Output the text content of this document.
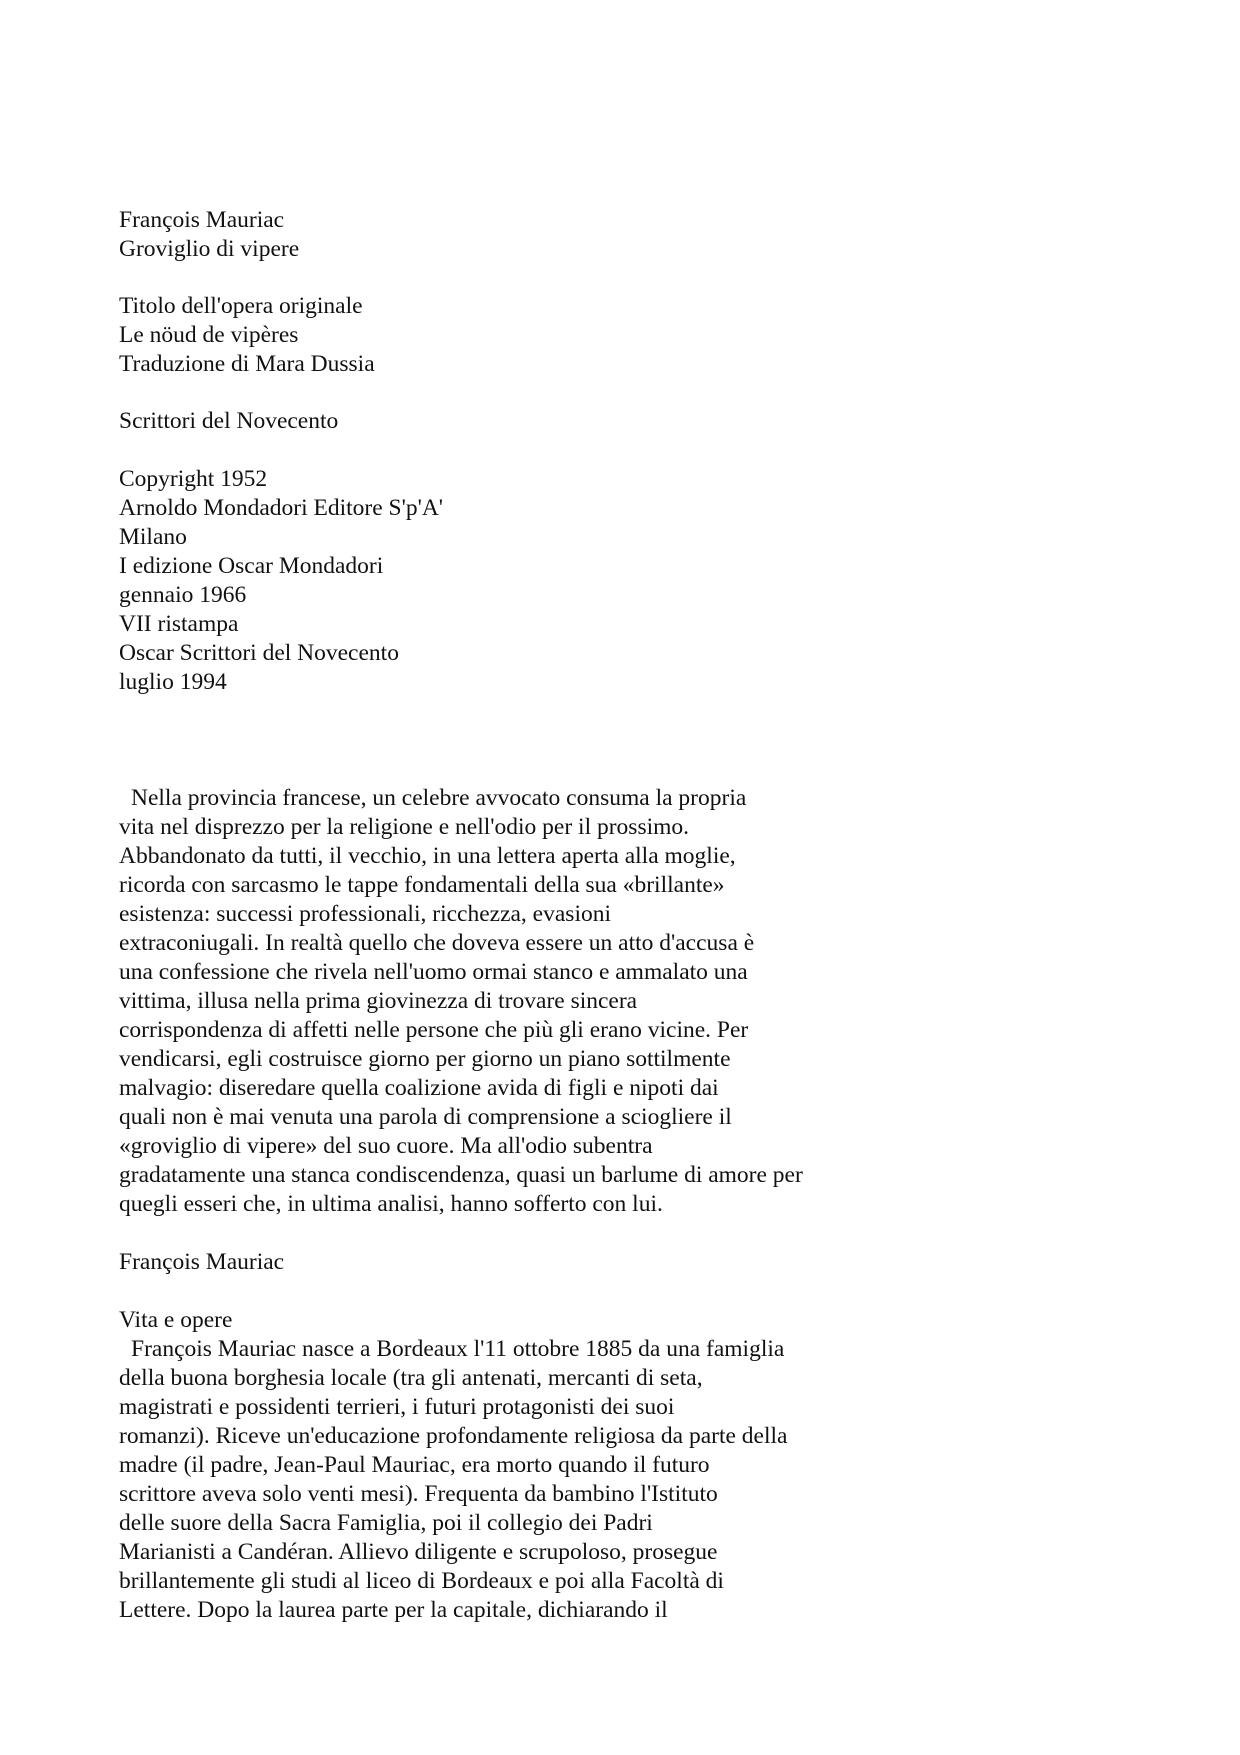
François Mauriac

Groviglio di vipere

Titolo dell'opera originale

Le nöud de vipères

Traduzione di Mara Dussia

Scrittori del Novecento

Copyright 1952

Arnoldo Mondadori Editore S'p'A'

Milano

I edizione Oscar Mondadori

gennaio 1966

VII ristampa

Oscar Scrittori del Novecento

luglio 1994

Nella provincia francese, un celebre avvocato consuma la propria

vita nel disprezzo per la religione e nell'odio per il prossimo.

Abbandonato da tutti, il vecchio, in una lettera aperta alla moglie,

ricorda con sarcasmo le tappe fondamentali della sua «brillante»

esistenza: successi professionali, ricchezza, evasioni

extraconiugali. In realtà quello che doveva essere un atto d'accusa è

una confessione che rivela nell'uomo ormai stanco e ammalato una

vittima, illusa nella prima giovinezza di trovare sincera

corrispondenza di affetti nelle persone che più gli erano vicine. Per

vendicarsi, egli costruisce giorno per giorno un piano sottilmente

malvagio: diseredare quella coalizione avida di figli e nipoti dai

quali non è mai venuta una parola di comprensione a sciogliere il

«groviglio di vipere» del suo cuore. Ma all'odio subentra

gradatamente una stanca condiscendenza, quasi un barlume di amore per

quegli esseri che, in ultima analisi, hanno sofferto con lui.

François Mauriac

Vita e opere

François Mauriac nasce a Bordeaux l'11 ottobre 1885 da una famiglia

della buona borghesia locale (tra gli antenati, mercanti di seta,

magistrati e possidenti terrieri, i futuri protagonisti dei suoi

romanzi). Riceve un'educazione profondamente religiosa da parte della

madre (il padre, Jean-Paul Mauriac, era morto quando il futuro

scrittore aveva solo venti mesi). Frequenta da bambino l'Istituto

delle suore della Sacra Famiglia, poi il collegio dei Padri

Marianisti a Candéran. Allievo diligente e scrupoloso, prosegue

brillantemente gli studi al liceo di Bordeaux e poi alla Facoltà di

Lettere. Dopo la laurea parte per la capitale, dichiarando il
